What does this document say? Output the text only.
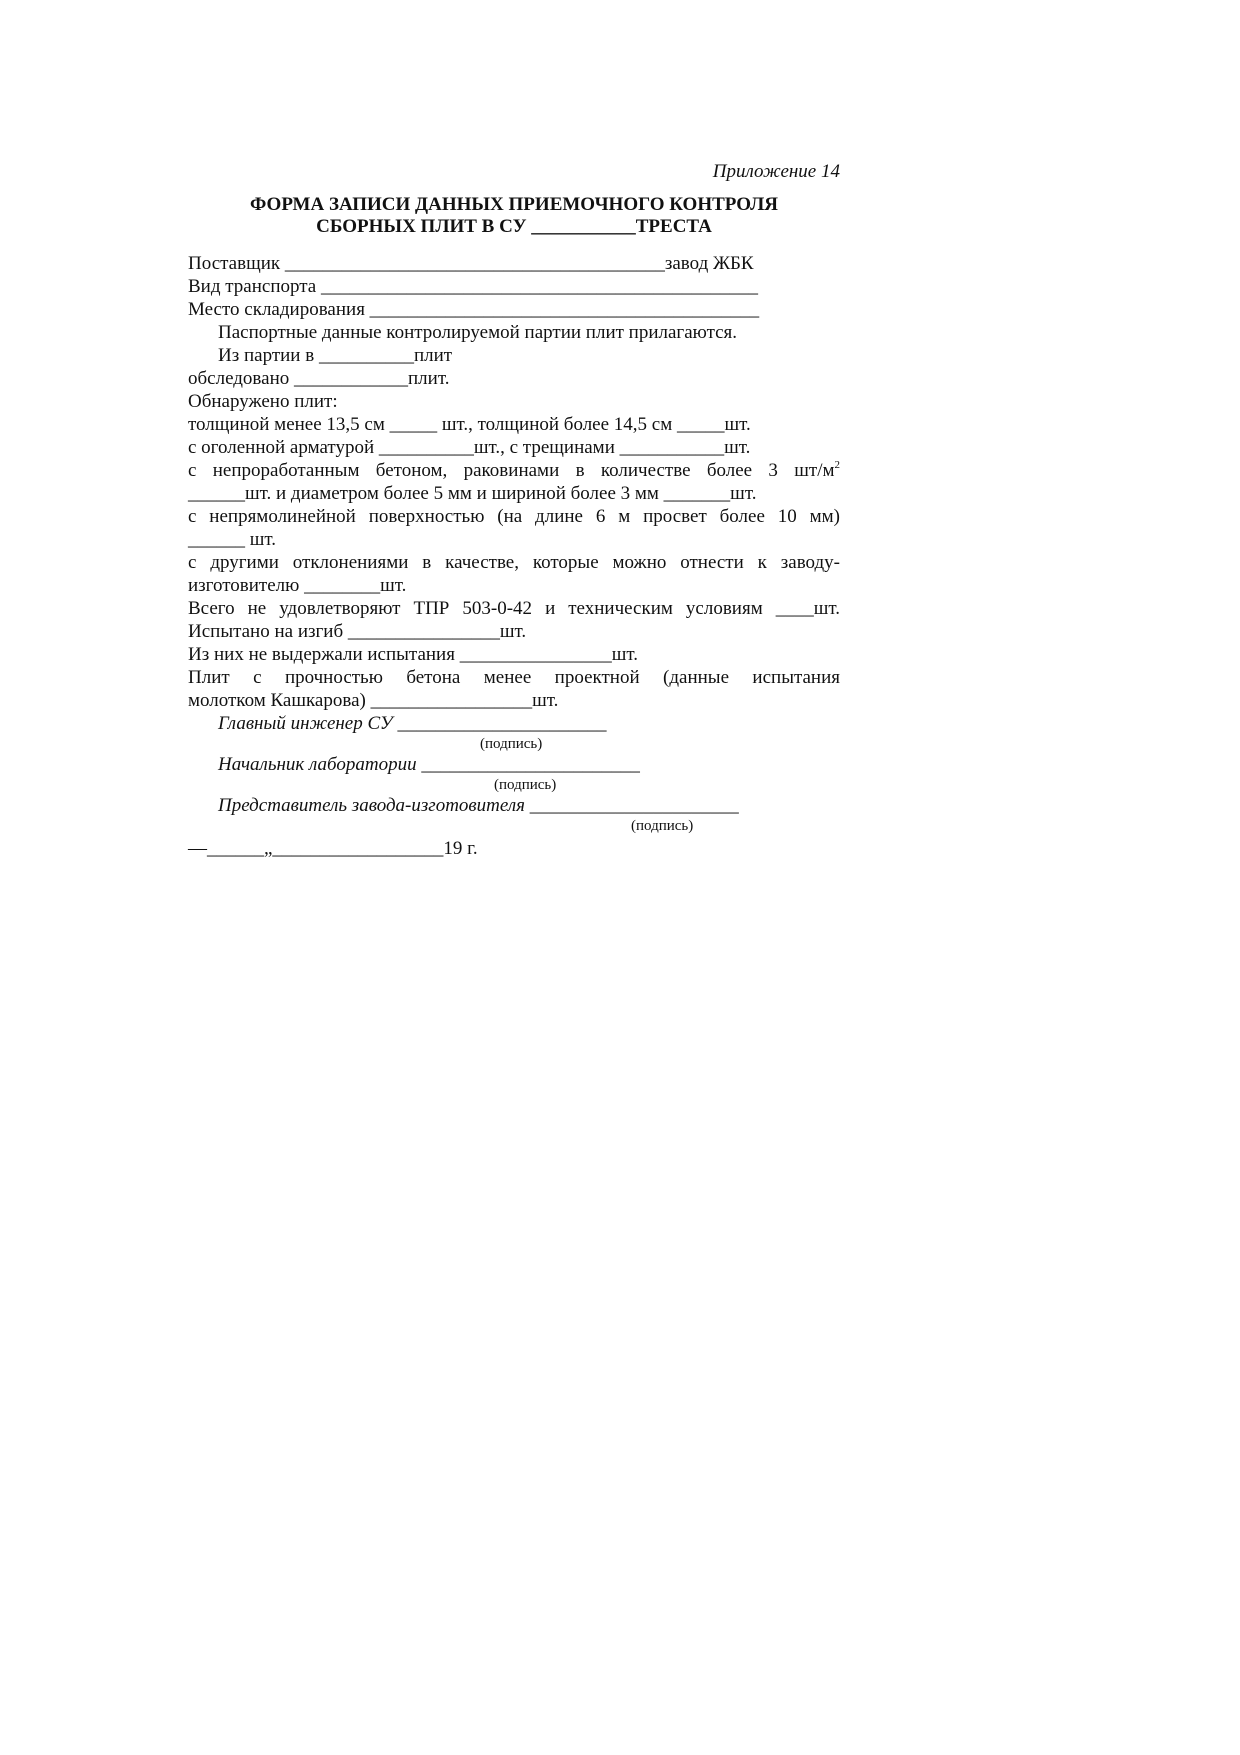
Приложение 14
ФОРМА ЗАПИСИ ДАННЫХ ПРИЕМОЧНОГО КОНТРОЛЯ
СБОРНЫХ ПЛИТ В СУ ___________ТРЕСТА
Поставщик ________________________________________завод ЖБК
Вид транспорта ______________________________________________
Место складирования _________________________________________
Паспортные данные контролируемой партии плит прилагаются.
Из партии в __________плит
обследовано ____________плит.
Обнаружено плит:
толщиной менее 13,5 см _____ шт., толщиной более 14,5 см _____шт.
с оголенной арматурой __________шт., с трещинами ___________шт.
с непроработанным бетоном, раковинами в количестве более 3 $шт/м^2$
______шт. и диаметром более 5 мм и шириной более 3 мм _______шт.
с непрямолинейной поверхностью (на длине 6 м просвет более 10 мм)
______ шт.
с другими отклонениями в качестве, которые можно отнести к заводу-
изготовителю ________шт.
Всего не удовлетворяют ТПР 503-0-42 и техническим условиям ____шт.
Испытано на изгиб ________________шт.
Из них не выдержали испытания ________________шт.
Плит с прочностью бетона менее проектной (данные испытания
молотком Кашкарова) _________________шт.
Главный инженер СУ ______________________
(подпись)
Начальник лаборатории _______________________
(подпись)
Представитель завода-изготовителя ______________________
(подпись)
—______„__________________19 г.
